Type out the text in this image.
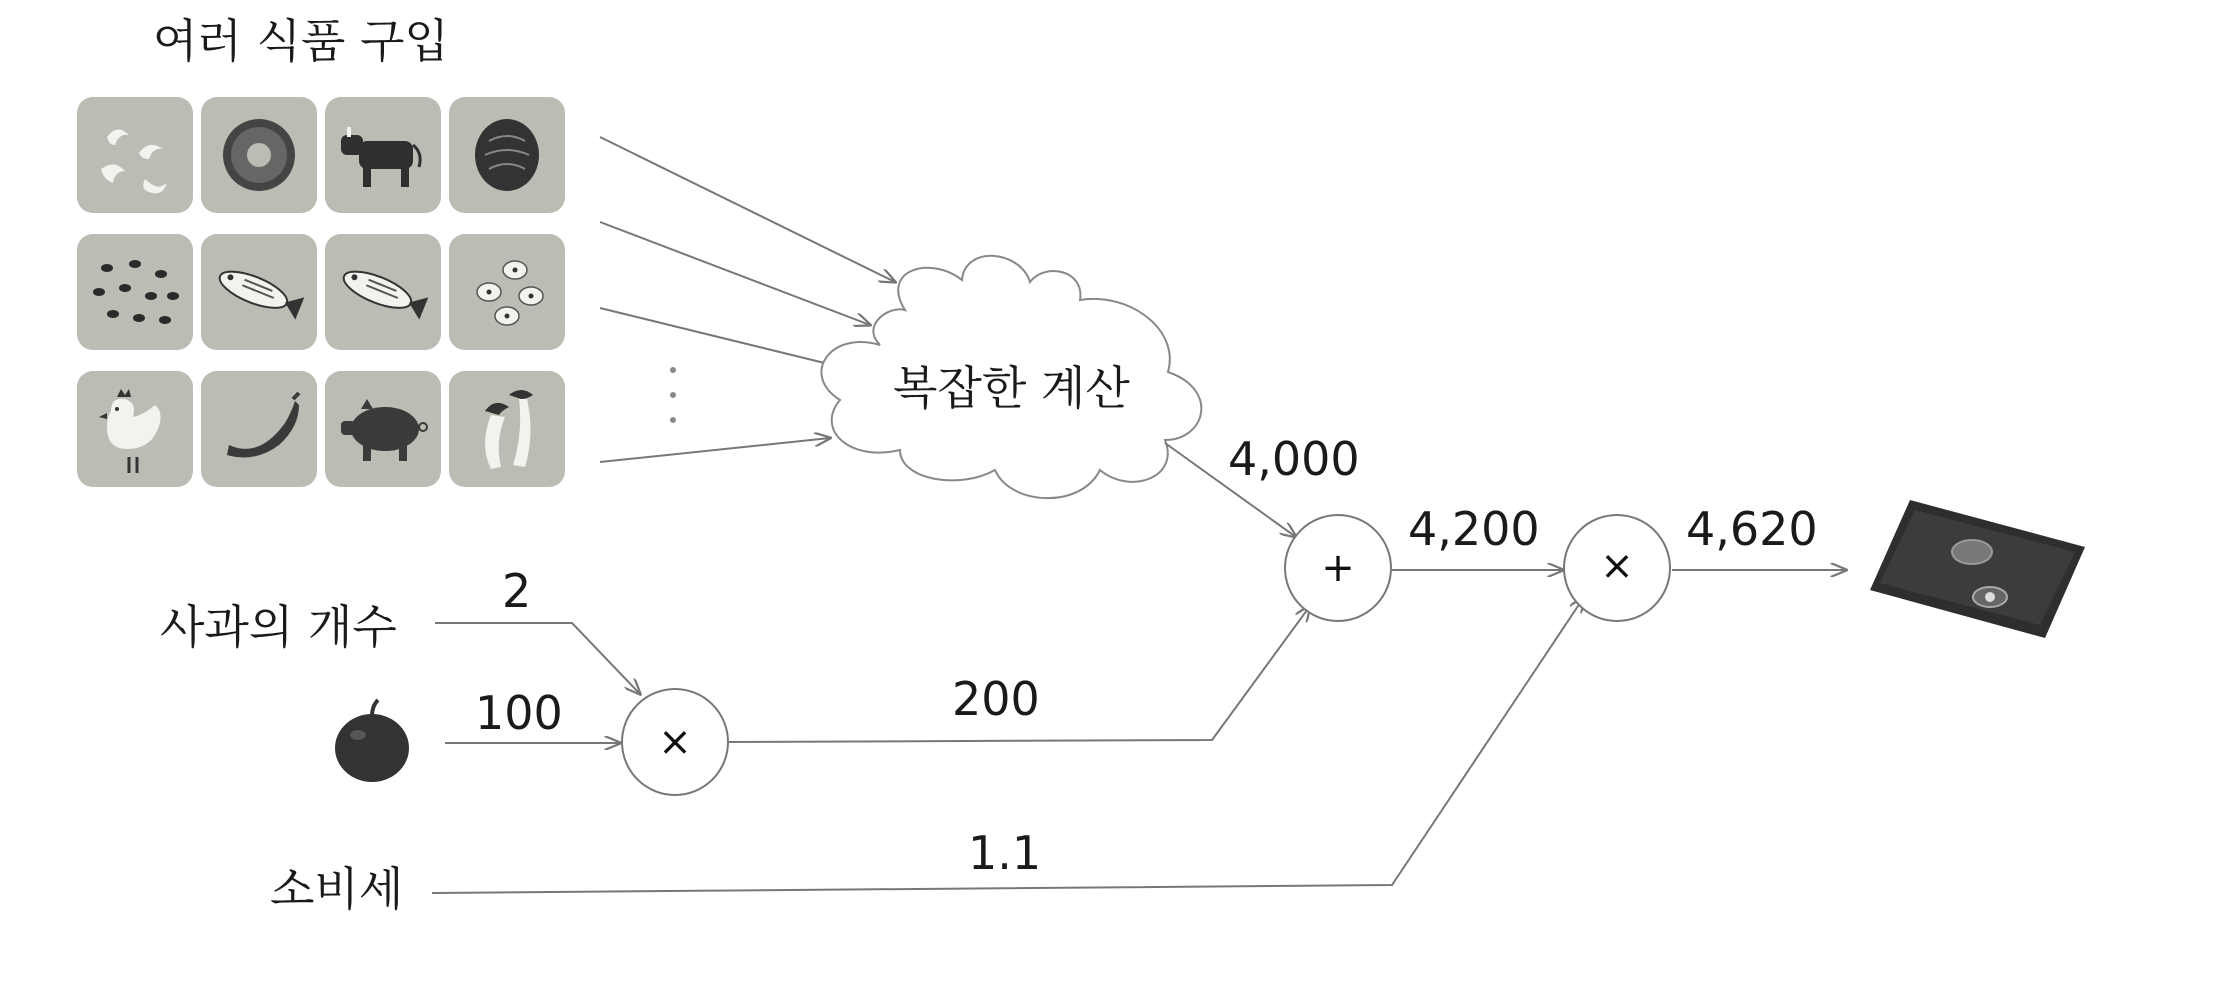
여러 식품 구입
복잡한 계산
사과의 개수
소비세
2
100	200
4,000
4,200	4,620
1.1
×
+	×
